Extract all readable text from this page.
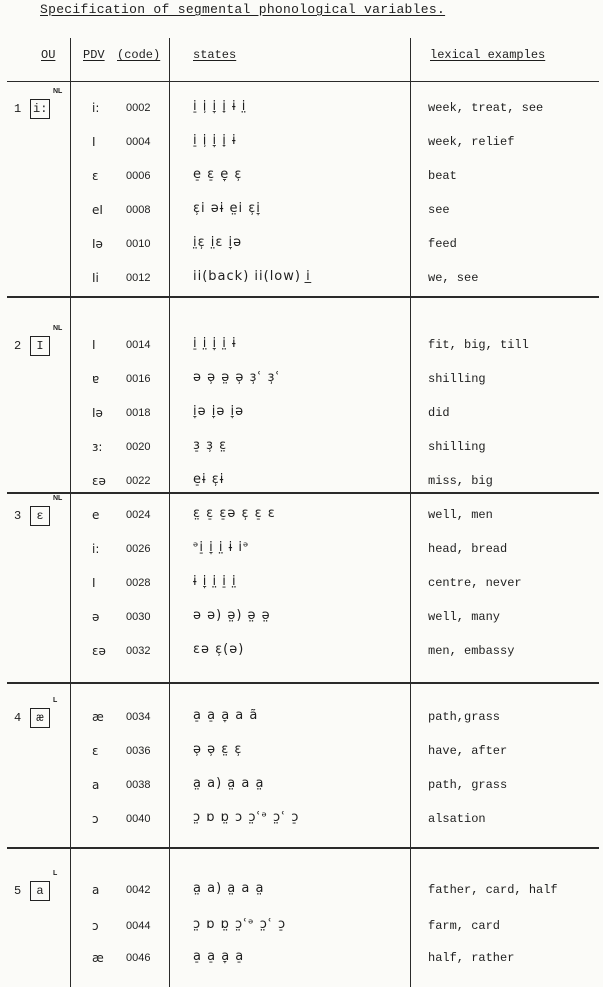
Specification of segmental phonological variables.
OU PDV (code)	states	lexical examples
1 i:
NL
i: 0002	i̠ i̹ i̞ i̟ ɨ i̤	week, treat, see
I	0004	i̠ i̹ i̞ i̟ ɨ	week, relief
ɛ	0006	e̠ ɛ̠ e̞ ɛ̹	beat
eI 0008	ɛ̹i əɨ e̤i ɛ̹i̞	see
Iə 0010	i̤ɛ̹ i̤ɛ i̞ə	feed
Ii 0012	ii(back) ii(low) i̲	we, see
2	I
NL
I	0014	i̠ i̤ i̞ i̤ ɨ	fit, big, till
ɐ 0016	ə ə̹ ə̤ ə̹ ɜ̹ʿ ɜ̹ʿ	shilling
Iə 0018	i̞ə i̞ə i̞ə	did
ɜ: 0020	ɜ̠ ɜ̹ ɛ̤	shilling
ɛə 0022	e̠ɨ ɛ̹ɨ	miss, big
3	ɛ
NL
e 0024	ɛ̤ ɛ̠ ɛ̠ə ɛ̹ ɛ̠ ɛ	well, men
i: 0026	ᵊi̠ i̞ i̤ ɨ iᵊ	head, bread
I	0028	ɨ i̞ i̤ i̠ i̤	centre, never
ə 0030	ə ə) ə̤) ə̤ ə̤	well, many
ɛə 0032	ɛə ɛ̹(ə)	men, embassy
4	æ
L
æ 0034	a̠ a̠ a̞ a ã	path,grass
ɛ	0036	ə̹ ə̹ ɛ̤ ɛ̹	have, after
a 0038	a̤ a) a̤ a a̤	path, grass
ɔ 0040	ɔ̤ ɒ ɒ̤ ɔ ɔ̤ʿᵊ ɔ̤ʿ ɔ̠	alsation
5	a
L
a 0042	a̤ a) a̤ a a̤	father, card, half
ɔ 0044	ɔ̤ ɒ ɒ̤ ɔ̤ʿᵊ ɔ̤ʿ ɔ̠	farm, card
æ 0046	a̠ a̠ a̞ a̠	half, rather
